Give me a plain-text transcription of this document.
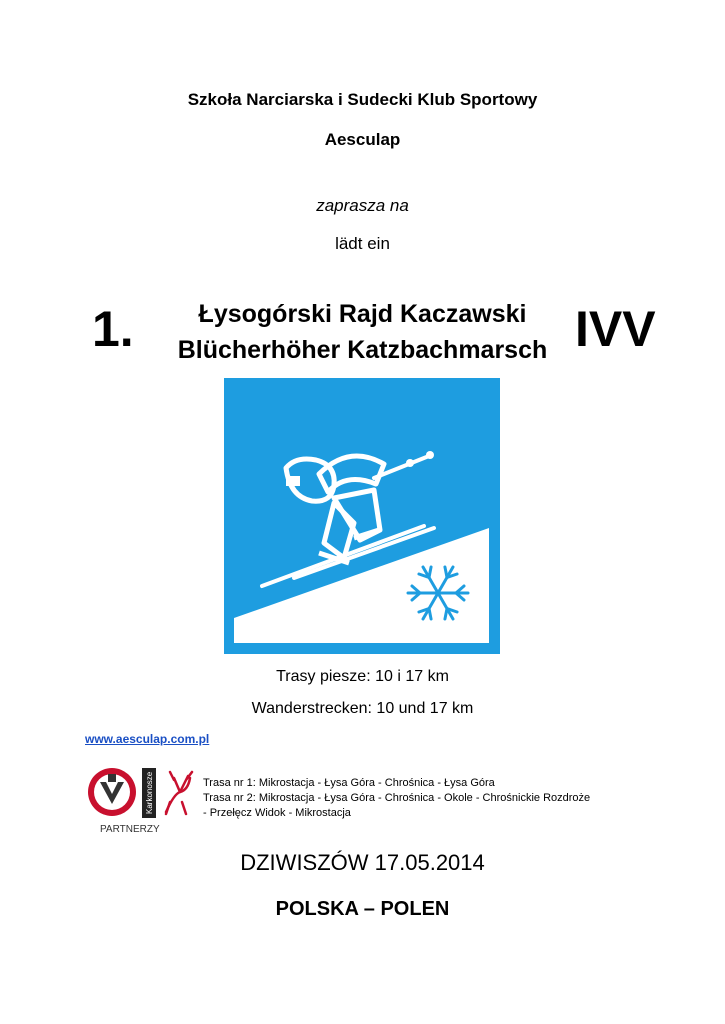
Szkoła Narciarska i Sudecki Klub Sportowy
Aesculap
zaprasza na
lädt ein
1.	Łysogórski Rajd Kaczawski
Blücherhöher Katzbachmarsch IVV
Trasy piesze: 10 i 17 km
Wanderstrecken: 10 und 17 km
www.aesculap.com.pl
Karkonosze
PARTNERZY
Trasa nr 1: Mikrostacja - Łysa Góra - Chrośnica - Łysa Góra
Trasa nr 2: Mikrostacja - Łysa Góra - Chrośnica - Okole - Chrośnickie Rozdroże
- Przełęcz Widok - Mikrostacja
DZIWISZÓW 17.05.2014
POLSKA – POLEN
